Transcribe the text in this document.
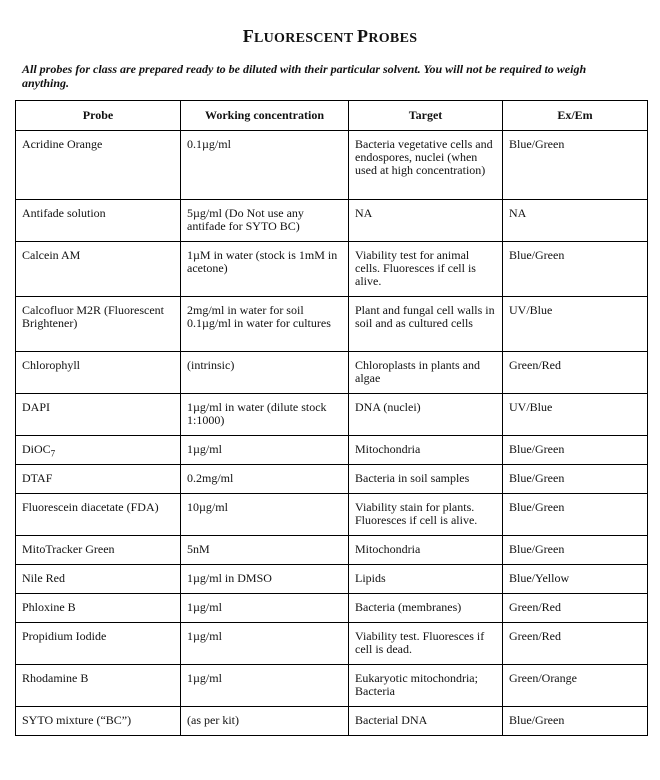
FLUORESCENT PROBES
All probes for class are prepared ready to be diluted with their particular solvent. You will not be required to weigh anything.
Probe	Working concentration	Target	Ex/Em
Acridine Orange	0.1µg/ml	Bacteria vegetative cells and endospores, nuclei (when used at high concentration)	Blue/Green
Antifade solution	5µg/ml (Do Not use any antifade for SYTO BC)	NA	NA
Calcein AM	1µM in water (stock is 1mM in acetone)	Viability test for animal cells. Fluoresces if cell is alive.	Blue/Green
Calcofluor M2R (Fluorescent Brightener)	2mg/ml in water for soil 0.1µg/ml in water for cultures	Plant and fungal cell walls in soil and as cultured cells	UV/Blue
Chlorophyll	(intrinsic)	Chloroplasts in plants and algae	Green/Red
DAPI	1µg/ml in water (dilute stock 1:1000)	DNA (nuclei)	UV/Blue
DiOC$_7$	1µg/ml	Mitochondria	Blue/Green
DTAF	0.2mg/ml	Bacteria in soil samples	Blue/Green
Fluorescein diacetate (FDA)	10µg/ml	Viability stain for plants. Fluoresces if cell is alive.	Blue/Green
MitoTracker Green	5nM	Mitochondria	Blue/Green
Nile Red	1µg/ml in DMSO	Lipids	Blue/Yellow
Phloxine B	1µg/ml	Bacteria (membranes)	Green/Red
Propidium Iodide	1µg/ml	Viability test. Fluoresces if cell is dead.	Green/Red
Rhodamine B	1µg/ml	Eukaryotic mitochondria; Bacteria	Green/Orange
SYTO mixture (“BC”)	(as per kit)	Bacterial DNA	Blue/Green
